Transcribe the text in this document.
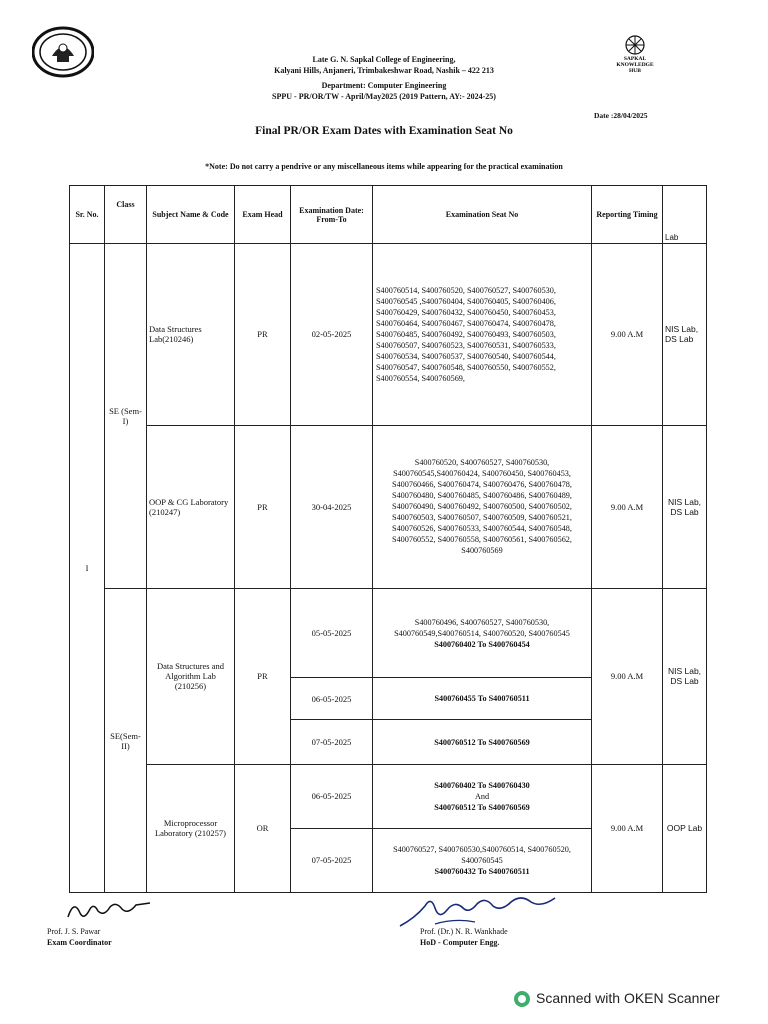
SAPKAL
KNOWLEDGE
HUB
Late G. N. Sapkal College of Engineering,
Kalyani Hills, Anjaneri, Trimbakeshwar Road, Nashik – 422 213
Department: Computer Engineering
SPPU - PR/OR/TW - April/May2025 (2019 Pattern, AY:- 2024-25)
Date :28/04/2025
Final PR/OR Exam Dates with Examination Seat No
*Note: Do not carry a pendrive or any miscellaneous items while appearing for the practical examination
Sr. No.	Class	Subject Name & Code	Exam Head	Examination Date: From-To	Examination Seat No	Reporting Timing	Lab
I	SE (Sem-I)	Data Structures Lab(210246)	PR	02-05-2025	S400760514, S400760520, S400760527, S400760530, S400760545 ,S400760404, S400760405, S400760406, S400760429, S400760432, S400760450, S400760453, S400760464, S400760467, S400760474, S400760478, S400760485, S400760492, S400760493, S400760503, S400760507, S400760523, S400760531, S400760533, S400760534, S400760537, S400760540, S400760544, S400760547, S400760548, S400760550, S400760552, S400760554, S400760569,	9.00 A.M	NIS Lab, DS Lab
		OOP & CG Laboratory (210247)	PR	30-04-2025	S400760520, S400760527, S400760530, S400760545,S400760424, S400760450, S400760453, S400760466, S400760474, S400760476, S400760478, S400760480, S400760485, S400760486, S400760489, S400760490, S400760492, S400760500, S400760502, S400760503, S400760507, S400760509, S400760521, S400760526, S400760533, S400760544, S400760548, S400760552, S400760558, S400760561, S400760562, S400760569	9.00 A.M	NIS Lab, DS Lab
	SE(Sem-II)	Data Structures and Algorithm Lab (210256)	PR	05-05-2025	S400760496, S400760527, S400760530, S400760549,S400760514, S400760520, S400760545
S400760402 To S400760454	9.00 A.M	NIS Lab, DS Lab
				06-05-2025	S400760455 To S400760511		
				07-05-2025	S400760512 To S400760569		
		Microprocessor Laboratory (210257)	OR	06-05-2025	S400760402 To S400760430
And
S400760512 To S400760569	9.00 A.M	OOP Lab
				07-05-2025	S400760527, S400760530,S400760514, S400760520, S400760545
S400760432 To S400760511		
Prof. J. S. Pawar
Exam Coordinator
Prof. (Dr.) N. R. Wankhade
HoD - Computer Engg.
Scanned with OKEN Scanner
